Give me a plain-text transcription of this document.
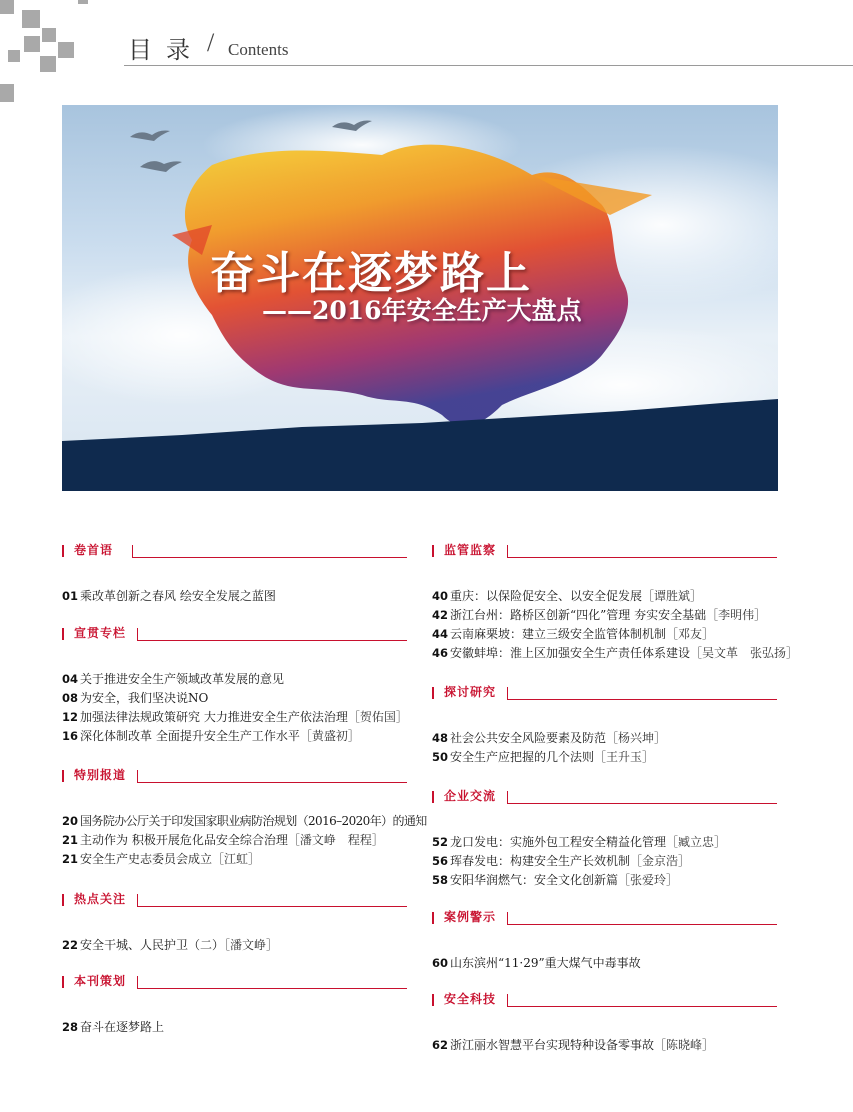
目录 / Contents
奋斗在逐梦路上
——2016年安全生产大盘点
卷首语
01 乘改革创新之春风 绘安全发展之蓝图
宣贯专栏
04 关于推进安全生产领域改革发展的意见
08 为安全，我们坚决说NO
12 加强法律法规政策研究 大力推进安全生产依法治理［贺佑国］
16 深化体制改革 全面提升安全生产工作水平［黄盛初］
特别报道
20 国务院办公厅关于印发国家职业病防治规划（2016–2020年）的通知
21 主动作为 积极开展危化品安全综合治理［潘文峥　程程］
21 安全生产史志委员会成立［江虹］
热点关注
22 安全干城、人民护卫（二）［潘文峥］
本刊策划
28 奋斗在逐梦路上
监管监察
40 重庆：以保险促安全、以安全促发展［谭胜斌］
42 浙江台州：路桥区创新“四化”管理 夯实安全基础［李明伟］
44 云南麻栗坡：建立三级安全监管体制机制［邓友］
46 安徽蚌埠：淮上区加强安全生产责任体系建设［吴文革　张弘扬］
探讨研究
48 社会公共安全风险要素及防范［杨兴坤］
50 安全生产应把握的几个法则［王升玉］
企业交流
52 龙口发电：实施外包工程安全精益化管理［臧立忠］
56 珲春发电：构建安全生产长效机制［金京浩］
58 安阳华润燃气：安全文化创新篇［张爱玲］
案例警示
60 山东滨州“11·29”重大煤气中毒事故
安全科技
62 浙江丽水智慧平台实现特种设备零事故［陈晓峰］
